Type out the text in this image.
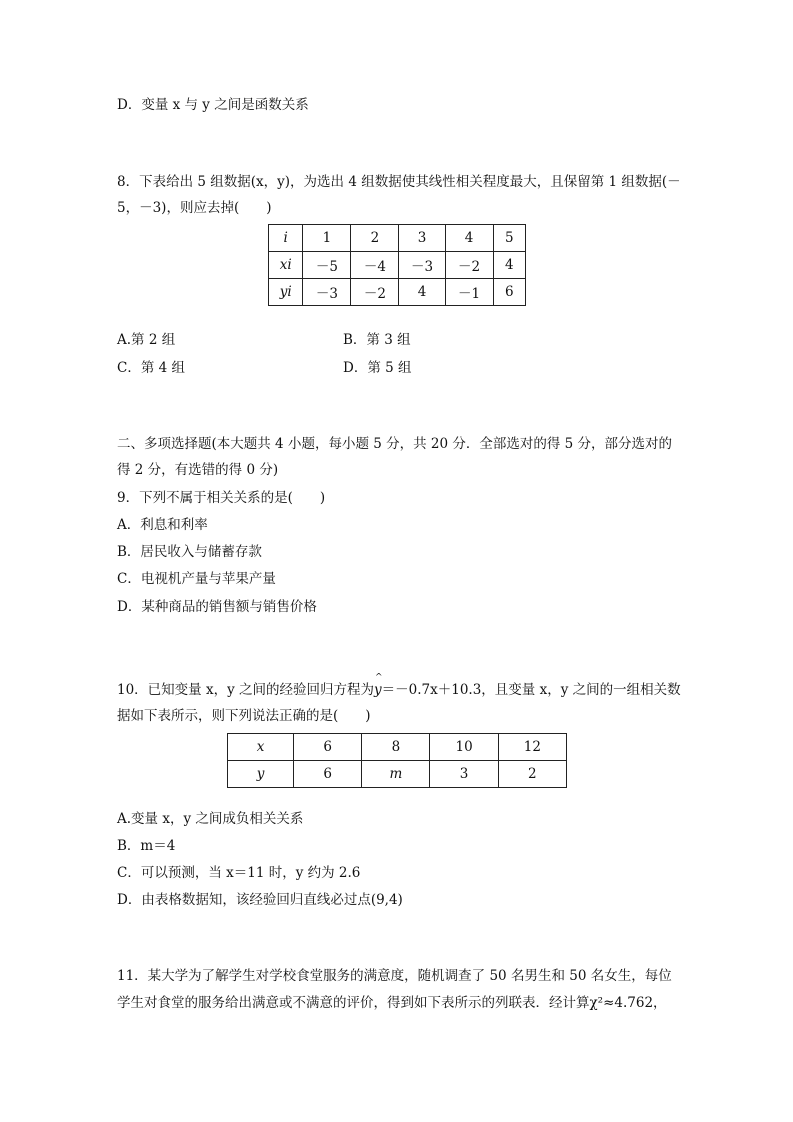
D．变量 x 与 y 之间是函数关系
8．下表给出 5 组数据(x，y)，为选出 4 组数据使其线性相关程度最大，且保留第 1 组数据(－
5，－3)，则应去掉(　　)
i	1	2	3	4	5
xi	－5	－4	－3	－2	4
yi	－3	－2	4	－1	6
A.第 2 组	B．第 3 组
C．第 4 组	D．第 5 组
二、多项选择题(本大题共 4 小题，每小题 5 分，共 20 分．全部选对的得 5 分，部分选对的
得 2 分，有选错的得 0 分)
9．下列不属于相关关系的是(　　)
A．利息和利率
B．居民收入与储蓄存款
C．电视机产量与苹果产量
D．某种商品的销售额与销售价格
10．已知变量 x，y 之间的经验回归方程为^ y＝－0.7x＋10.3，且变量 x，y 之间的一组相关数
据如下表所示，则下列说法正确的是(　　)
x	6	8	10	12
y	6	m	3	2
A.变量 x，y 之间成负相关关系
B．m＝4
C．可以预测，当 x＝11 时，y 约为 2.6
D．由表格数据知，该经验回归直线必过点(9,4)
11．某大学为了解学生对学校食堂服务的满意度，随机调查了 50 名男生和 50 名女生，每位
学生对食堂的服务给出满意或不满意的评价，得到如下表所示的列联表．经计算χ²≈4.762，
